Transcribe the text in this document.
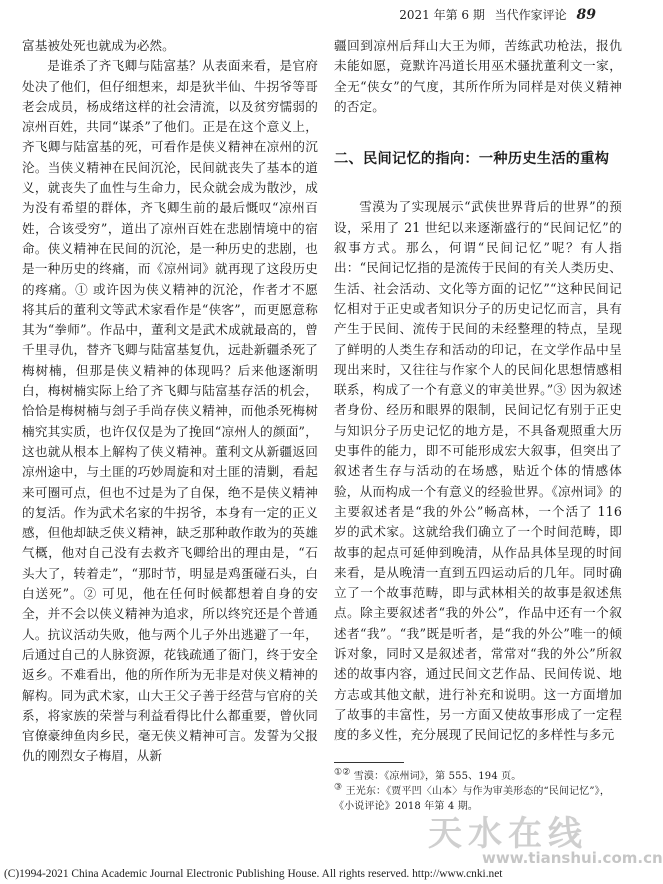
2021 年第 6 期 当代作家评论 89

富基被处死也就成为必然。

是谁杀了齐飞卿与陆富基？从表面来看，是官府处决了他们，但仔细想来，却是狄半仙、牛拐爷等哥老会成员，杨成绪这样的社会清流，以及贫穷懦弱的凉州百姓，共同“谋杀”了他们。正是在这个意义上，齐飞卿与陆富基的死，可看作是侠义精神在凉州的沉沦。当侠义精神在民间沉沦，民间就丧失了基本的道义，就丧失了血性与生命力，民众就会成为散沙，成为没有希望的群体，齐飞卿生前的最后慨叹“凉州百姓，合该受穷”，道出了凉州百姓在悲剧情境中的宿命。侠义精神在民间的沉沦，是一种历史的悲剧，也是一种历史的终痛，而《凉州词》就再现了这段历史的疼痛。① 或许因为侠义精神的沉沦，作者才不愿将其后的董利文等武术家看作是“侠客”，而更愿意称其为“拳师”。作品中，董利文是武术成就最高的，曾千里寻仇，替齐飞卿与陆富基复仇，远赴新疆杀死了梅树楠，但那是侠义精神的体现吗？后来他逐渐明白，梅树楠实际上给了齐飞卿与陆富基存活的机会，恰恰是梅树楠与刽子手尚存侠义精神，而他杀死梅树楠究其实质，也许仅仅是为了挽回“凉州人的颜面”，这也就从根本上解构了侠义精神。董利文从新疆返回凉州途中，与土匪的巧妙周旋和对土匪的清剿，看起来可圈可点，但也不过是为了自保，绝不是侠义精神的复活。作为武术名家的牛拐爷，本身有一定的正义感，但他却缺乏侠义精神，缺乏那种敢作敢为的英雄气概，他对自己没有去救齐飞卿给出的理由是，“石头大了，转着走”，“那时节，明显是鸡蛋碰石头，白白送死”。② 可见，他在任何时候都想着自身的安全，并不会以侠义精神为追求，所以终究还是个普通人。抗议活动失败，他与两个儿子外出逃避了一年，后通过自己的人脉资源，花钱疏通了衙门，终于安全返乡。不难看出，他的所作所为无非是对侠义精神的解构。同为武术家，山大王父子善于经营与官府的关系，将家族的荣誉与利益看得比什么都重要，曾伙同官僚豪绅鱼肉乡民，毫无侠义精神可言。发誓为父报仇的刚烈女子梅眉，从新

疆回到凉州后拜山大王为师，苦练武功枪法，报仇未能如愿，竟默许冯道长用巫术骚扰董利文一家，全无“侠女”的气度，其所作所为同样是对侠义精神的否定。

二、民间记忆的指向：一种历史生活的重构

雪漠为了实现展示“武侠世界背后的世界”的预设，采用了 21 世纪以来逐渐盛行的“民间记忆”的叙事方式。那么，何谓“民间记忆”呢？有人指出：“民间记忆指的是流传于民间的有关人类历史、生活、社会活动、文化等方面的记忆”“这种民间记忆相对于正史或者知识分子的历史记忆而言，具有产生于民间、流传于民间的未经整理的特点，呈现了鲜明的人类生存和活动的印记，在文学作品中呈现出来时，又往往与作家个人的民间化思想情感相联系，构成了一个有意义的审美世界。”③ 因为叙述者身份、经历和眼界的限制，民间记忆有别于正史与知识分子历史记忆的地方是，不具备观照重大历史事件的能力，即不可能形成宏大叙事，但突出了叙述者生存与活动的在场感，贴近个体的情感体验，从而构成一个有意义的经验世界。《凉州词》的主要叙述者是“我的外公”畅高林，一个活了 116 岁的武术家。这就给我们确立了一个时间范畴，即故事的起点可延伸到晚清，从作品具体呈现的时间来看，是从晚清一直到五四运动后的几年。同时确立了一个故事范畴，即与武林相关的故事是叙述焦点。除主要叙述者“我的外公”，作品中还有一个叙述者“我”。“我”既是听者，是“我的外公”唯一的倾诉对象，同时又是叙述者，常常对“我的外公”所叙述的故事内容，通过民间文艺作品、民间传说、地方志或其他文献，进行补充和说明。这一方面增加了故事的丰富性，另一方面又使故事形成了一定程度的多义性，充分展现了民间记忆的多样性与多元

①② 雪漠：《凉州词》，第 555、194 页。

③ 王光东：《贾平凹〈山本〉与作为审美形态的“民间记忆”》，《小说评论》2018 年第 4 期。

天水在线
www.tianshui.com.cn
(C)1994-2021 China Academic Journal Electronic Publishing House. All rights reserved. http://www.cnki.net
